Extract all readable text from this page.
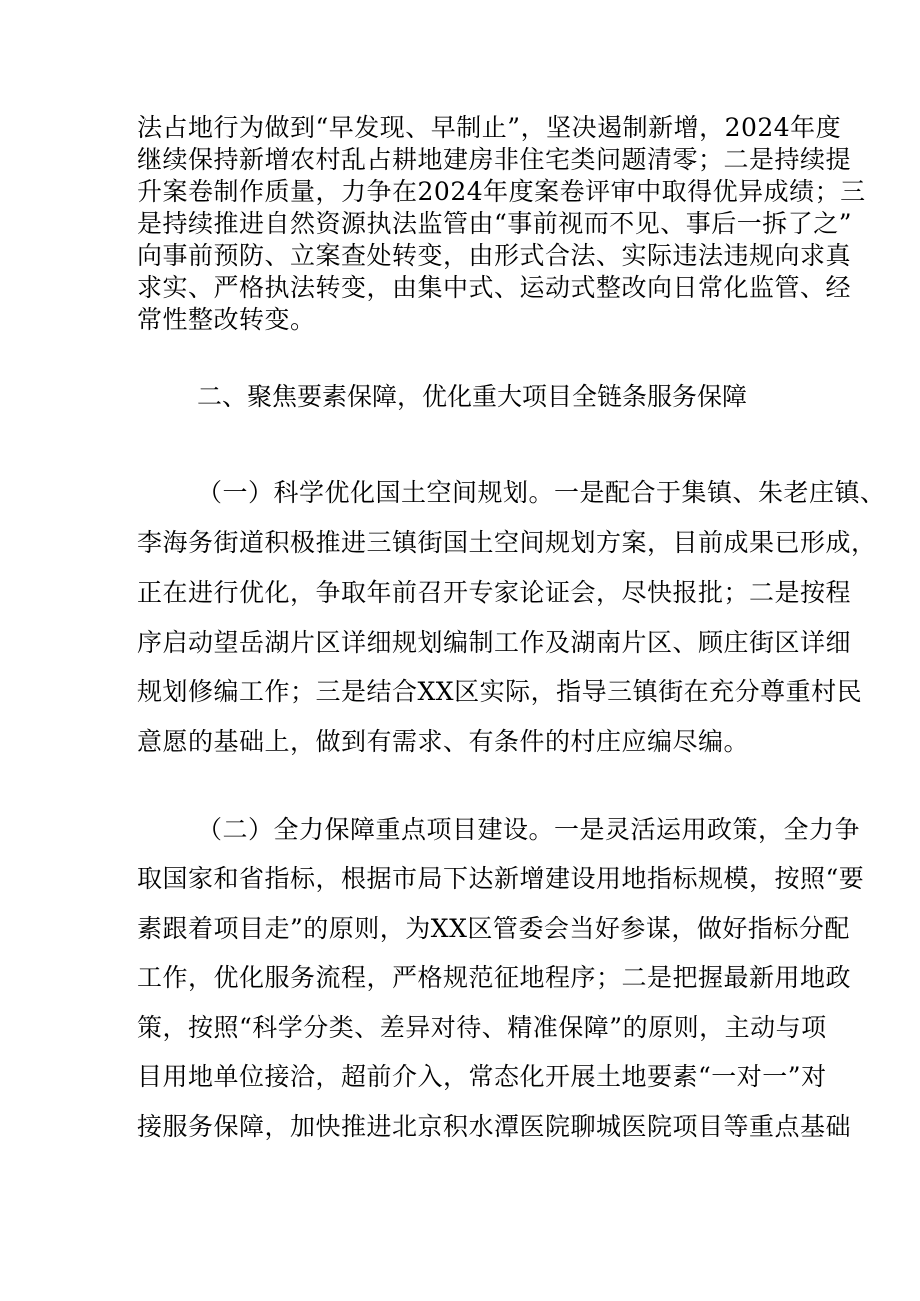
法占地行为做到“早发现、早制止”，坚决遏制新增，2024年度

继续保持新增农村乱占耕地建房非住宅类问题清零；二是持续提

升案卷制作质量，力争在2024年度案卷评审中取得优异成绩；三

是持续推进自然资源执法监管由“事前视而不见、事后一拆了之”

向事前预防、立案查处转变，由形式合法、实际违法违规向求真

求实、严格执法转变，由集中式、运动式整改向日常化监管、经

常性整改转变。

二、聚焦要素保障，优化重大项目全链条服务保障

（一）科学优化国土空间规划。一是配合于集镇、朱老庄镇、

李海务街道积极推进三镇街国土空间规划方案，目前成果已形成，

正在进行优化，争取年前召开专家论证会，尽快报批；二是按程

序启动望岳湖片区详细规划编制工作及湖南片区、顾庄街区详细

规划修编工作；三是结合XX区实际，指导三镇街在充分尊重村民

意愿的基础上，做到有需求、有条件的村庄应编尽编。

（二）全力保障重点项目建设。一是灵活运用政策，全力争

取国家和省指标，根据市局下达新增建设用地指标规模，按照“要

素跟着项目走”的原则，为XX区管委会当好参谋，做好指标分配

工作，优化服务流程，严格规范征地程序；二是把握最新用地政

策，按照“科学分类、差异对待、精准保障”的原则，主动与项

目用地单位接洽，超前介入，常态化开展土地要素“一对一”对

接服务保障，加快推进北京积水潭医院聊城医院项目等重点基础
